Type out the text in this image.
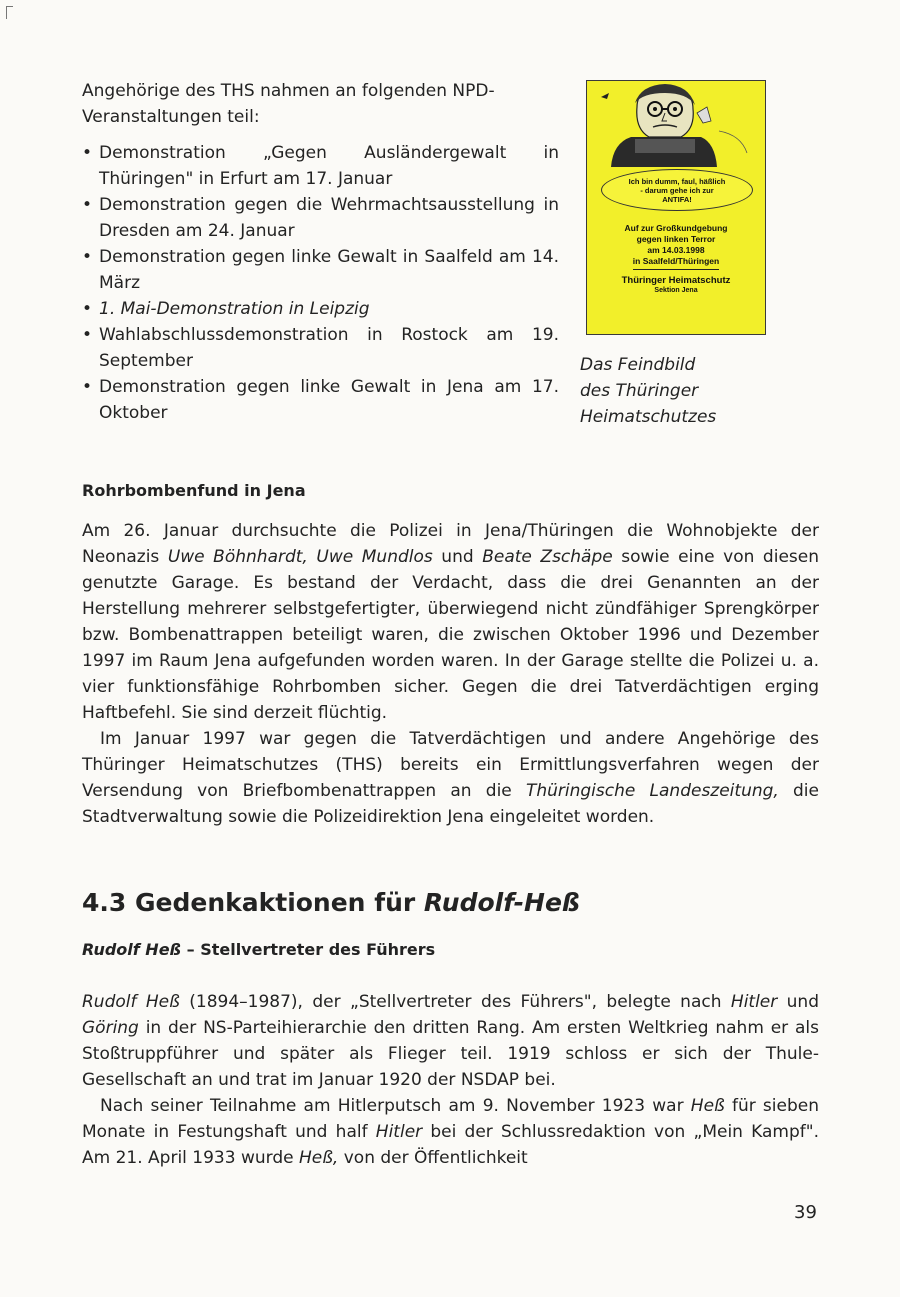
Angehörige des THS nahmen an folgenden NPD-Veranstaltungen teil:

• Demonstration „Gegen Ausländergewalt in Thüringen" in Erfurt am 17. Januar
• Demonstration gegen die Wehrmachtsausstellung in Dresden am 24. Januar
• Demonstration gegen linke Gewalt in Saalfeld am 14. März
• 1. Mai-Demonstration in Leipzig
• Wahlabschlussdemonstration in Rostock am 19. September
• Demonstration gegen linke Gewalt in Jena am 17. Oktober
Ich bin dumm, faul, häßlich - darum gehe ich zur ANTIFA!
Auf zur Großkundgebung
gegen linken Terror
am 14.03.1998
in Saalfeld/Thüringen
Thüringer Heimatschutz
Sektion Jena
Das Feindbild des Thüringer Heimatschutzes
Rohrbombenfund in Jena

Am 26. Januar durchsuchte die Polizei in Jena/Thüringen die Wohnobjekte der Neonazis Uwe Böhnhardt, Uwe Mundlos und Beate Zschäpe sowie eine von diesen genutzte Garage. Es bestand der Verdacht, dass die drei Genannten an der Herstellung mehrerer selbstgefertigter, überwiegend nicht zündfähiger Sprengkörper bzw. Bombenattrappen beteiligt waren, die zwischen Oktober 1996 und Dezember 1997 im Raum Jena aufgefunden worden waren. In der Garage stellte die Polizei u. a. vier funktionsfähige Rohrbomben sicher. Gegen die drei Tatverdächtigen erging Haftbefehl. Sie sind derzeit flüchtig.

Im Januar 1997 war gegen die Tatverdächtigen und andere Angehörige des Thüringer Heimatschutzes (THS) bereits ein Ermittlungsverfahren wegen der Versendung von Briefbombenattrappen an die Thüringische Landeszeitung, die Stadtverwaltung sowie die Polizeidirektion Jena eingeleitet worden.

4.3 Gedenkaktionen für Rudolf-Heß
Rudolf Heß – Stellvertreter des Führers

Rudolf Heß (1894–1987), der „Stellvertreter des Führers", belegte nach Hitler und Göring in der NS-Parteihierarchie den dritten Rang. Am ersten Weltkrieg nahm er als Stoßtruppführer und später als Flieger teil. 1919 schloss er sich der Thule-Gesellschaft an und trat im Januar 1920 der NSDAP bei.

Nach seiner Teilnahme am Hitlerputsch am 9. November 1923 war Heß für sieben Monate in Festungshaft und half Hitler bei der Schlussredaktion von „Mein Kampf". Am 21. April 1933 wurde Heß, von der Öffentlichkeit

39
